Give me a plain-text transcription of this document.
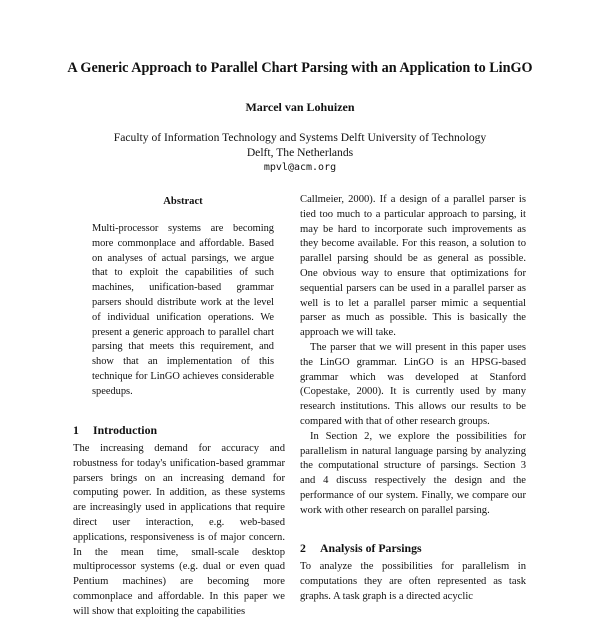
A Generic Approach to Parallel Chart Parsing with an Application to LinGO
Marcel van Lohuizen
Faculty of Information Technology and Systems Delft University of Technology
Delft, The Netherlands
mpvl@acm.org
Abstract

Multi-processor systems are becoming more commonplace and affordable. Based on analyses of actual parsings, we argue that to exploit the capabilities of such machines, unification-based grammar parsers should distribute work at the level of individual unification operations. We present a generic approach to parallel chart parsing that meets this requirement, and show that an implementation of this technique for LinGO achieves considerable speedups.

1 Introduction

The increasing demand for accuracy and robustness for today's unification-based grammar parsers brings on an increasing demand for computing power. In addition, as these systems are increasingly used in applications that require direct user interaction, e.g. web-based applications, responsiveness is of major concern. In the mean time, small-scale desktop multiprocessor systems (e.g. dual or even quad Pentium machines) are becoming more commonplace and affordable. In this paper we will show that exploiting the capabilities

Callmeier, 2000). If a design of a parallel parser is tied too much to a particular approach to parsing, it may be hard to incorporate such improvements as they become available. For this reason, a solution to parallel parsing should be as general as possible. One obvious way to ensure that optimizations for sequential parsers can be used in a parallel parser as well is to let a parallel parser mimic a sequential parser as much as possible. This is basically the approach we will take.

The parser that we will present in this paper uses the LinGO grammar. LinGO is an HPSG-based grammar which was developed at Stanford (Copestake, 2000). It is currently used by many research institutions. This allows our results to be compared with that of other research groups.

In Section 2, we explore the possibilities for parallelism in natural language parsing by analyzing the computational structure of parsings. Section 3 and 4 discuss respectively the design and the performance of our system. Finally, we compare our work with other research on parallel parsing.

2 Analysis of Parsings

To analyze the possibilities for parallelism in computations they are often represented as task graphs. A task graph is a directed acyclic
